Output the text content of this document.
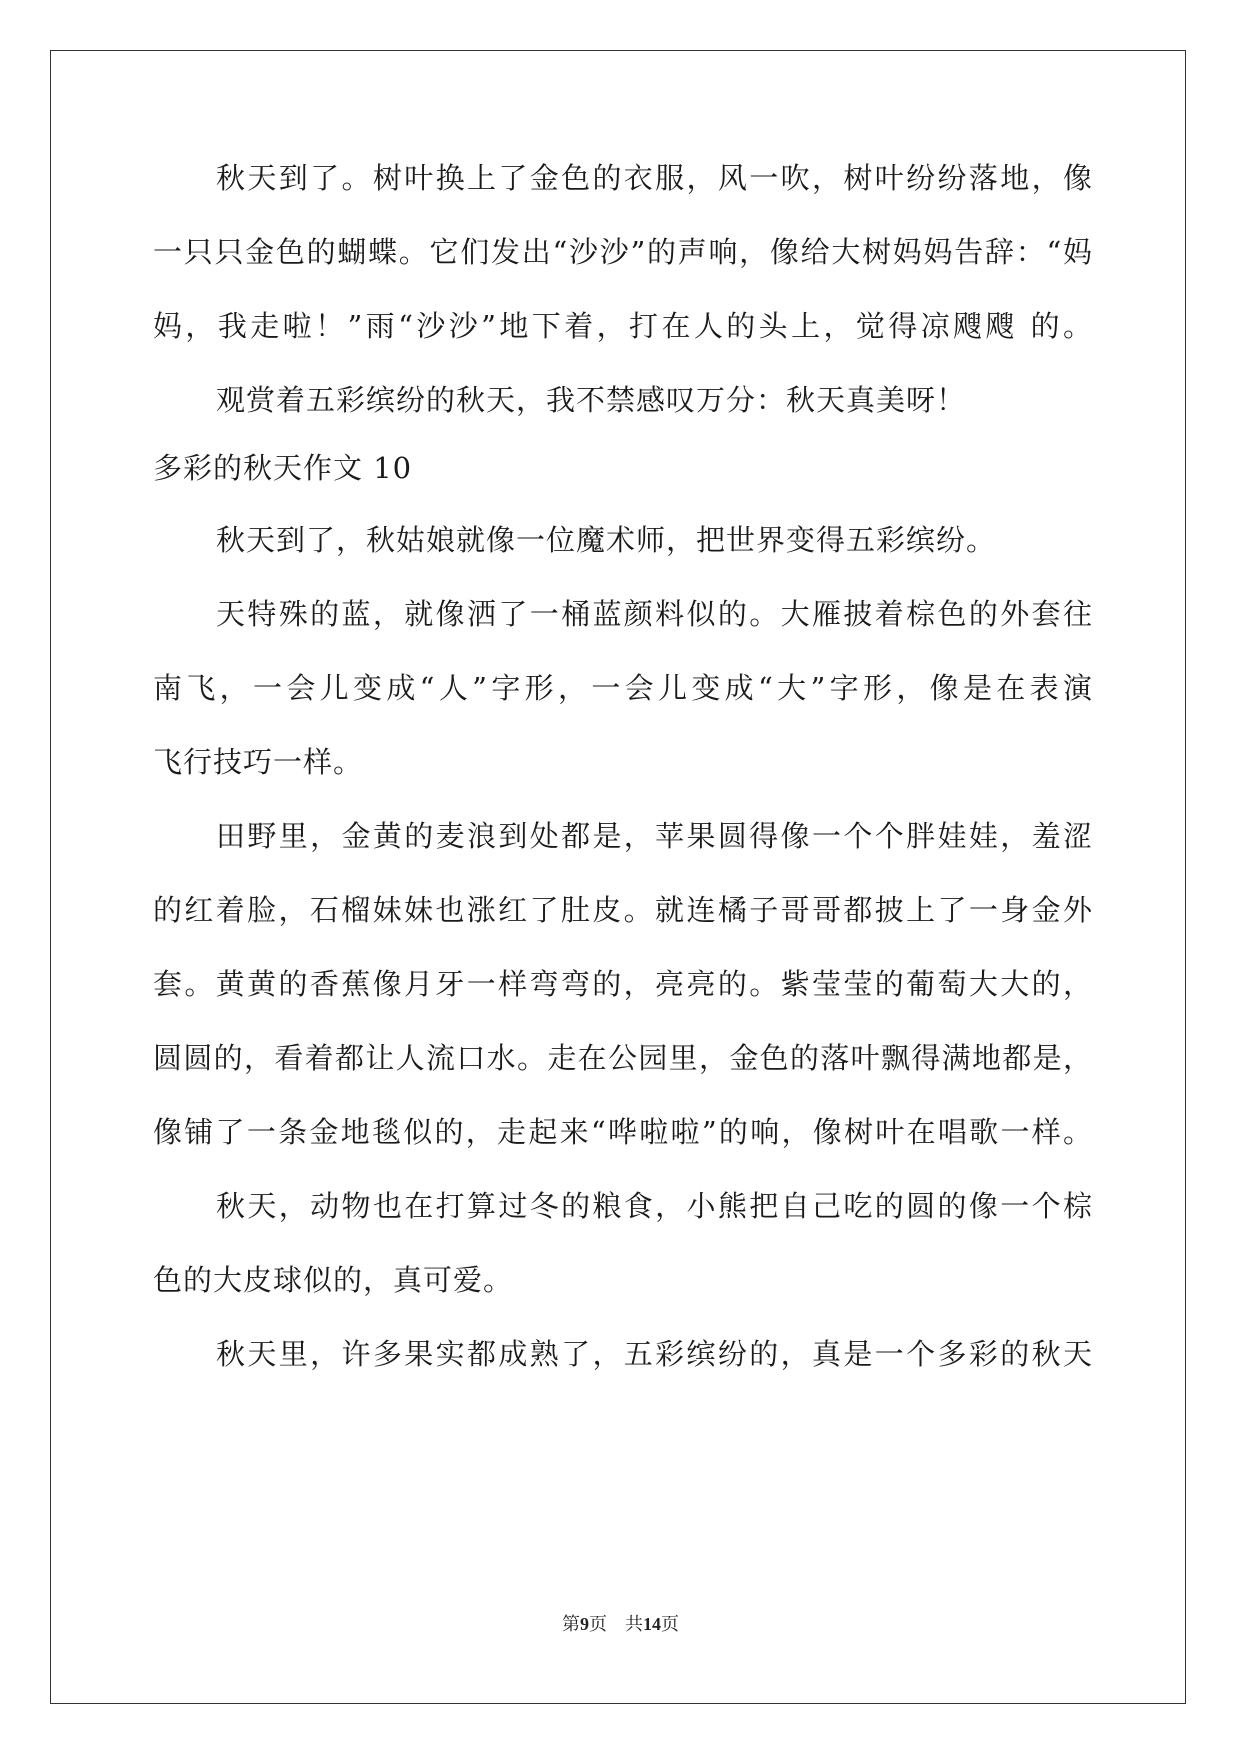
秋天到了。树叶换上了金色的衣服，风一吹，树叶纷纷落地，像
一只只金色的蝴蝶。它们发出“沙沙”的声响，像给大树妈妈告辞：“妈
妈，我走啦！”雨“沙沙”地下着，打在人的头上，觉得凉飕飕 的。
观赏着五彩缤纷的秋天，我不禁感叹万分：秋天真美呀！
多彩的秋天作文 10
秋天到了，秋姑娘就像一位魔术师，把世界变得五彩缤纷。
天特殊的蓝，就像洒了一桶蓝颜料似的。大雁披着棕色的外套往
南飞，一会儿变成“人”字形，一会儿变成“大”字形，像是在表演
飞行技巧一样。
田野里，金黄的麦浪到处都是，苹果圆得像一个个胖娃娃，羞涩
的红着脸，石榴妹妹也涨红了肚皮。就连橘子哥哥都披上了一身金外
套。黄黄的香蕉像月牙一样弯弯的，亮亮的。紫莹莹的葡萄大大的，
圆圆的，看着都让人流口水。走在公园里，金色的落叶飘得满地都是，
像铺了一条金地毯似的，走起来“哗啦啦”的响，像树叶在唱歌一样。
秋天，动物也在打算过冬的粮食，小熊把自己吃的圆的像一个棕
色的大皮球似的，真可爱。
秋天里，许多果实都成熟了，五彩缤纷的，真是一个多彩的秋天
第9页 共14页
